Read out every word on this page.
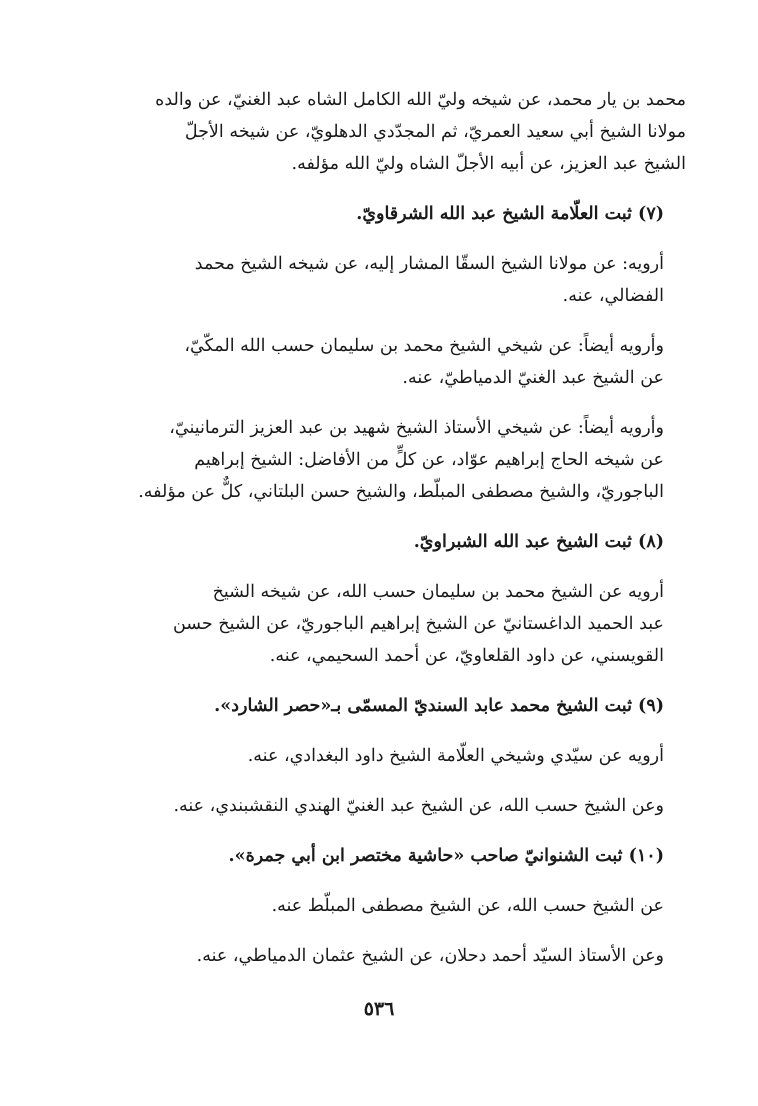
محمد بن يار محمد، عن شيخه وليّ الله الكامل الشاه عبد الغنيّ، عن والده
مولانا الشيخ أبي سعيد العمريّ، ثم المجدّدي الدهلويّ، عن شيخه الأجلّ
الشيخ عبد العزيز، عن أبيه الأجلّ الشاه وليّ الله مؤلفه.
(٧) ثبت العلّامة الشيخ عبد الله الشرقاويّ.
أرويه: عن مولانا الشيخ السقّا المشار إليه، عن شيخه الشيخ محمد
الفضالي، عنه.
وأرويه أيضاً: عن شيخي الشيخ محمد بن سليمان حسب الله المكّيّ،
عن الشيخ عبد الغنيّ الدمياطيّ، عنه.
وأرويه أيضاً: عن شيخي الأستاذ الشيخ شهيد بن عبد العزيز الترمانينيّ،
عن شيخه الحاج إبراهيم عوّاد، عن كلٍّ من الأفاضل: الشيخ إبراهيم
الباجوريّ، والشيخ مصطفى المبلّط، والشيخ حسن البلتاني، كلٌّ عن مؤلفه.
(٨) ثبت الشيخ عبد الله الشبراويّ.
أرويه عن الشيخ محمد بن سليمان حسب الله، عن شيخه الشيخ
عبد الحميد الداغستانيّ عن الشيخ إبراهيم الباجوريّ، عن الشيخ حسن
القويسني، عن داود القلعاويّ، عن أحمد السحيمي، عنه.
(٩) ثبت الشيخ محمد عابد السنديّ المسمّى بـ«حصر الشارد».
أرويه عن سيّدي وشيخي العلّامة الشيخ داود البغدادي، عنه.
وعن الشيخ حسب الله، عن الشيخ عبد الغنيّ الهندي النقشبندي، عنه.
(١٠) ثبت الشنوانيّ صاحب «حاشية مختصر ابن أبي جمرة».
عن الشيخ حسب الله، عن الشيخ مصطفى المبلّط عنه.
وعن الأستاذ السيّد أحمد دحلان، عن الشيخ عثمان الدمياطي، عنه.
٥٣٦
